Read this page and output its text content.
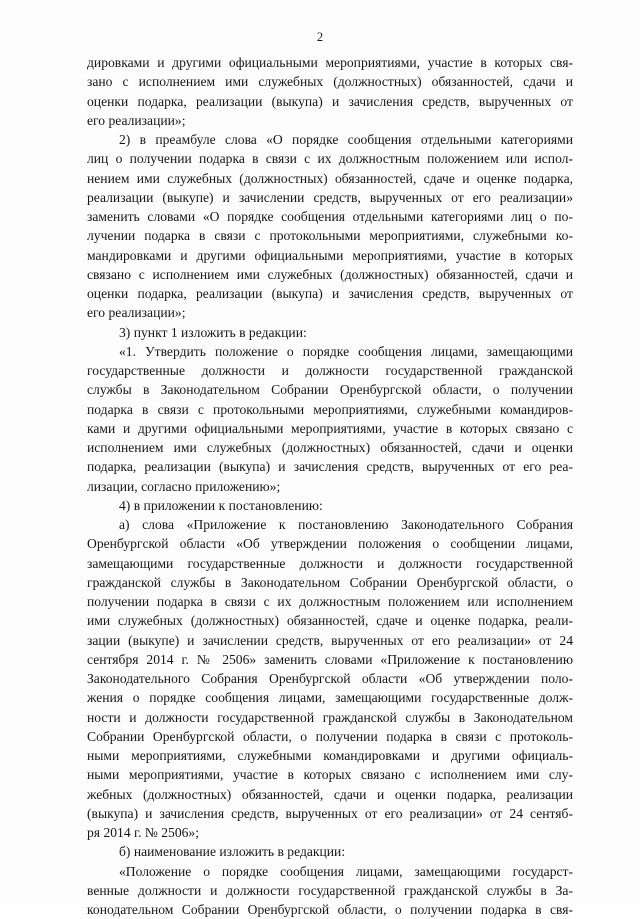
2
дировками и другими официальными мероприятиями, участие в которых свя-
зано с исполнением ими служебных (должностных) обязанностей, сдачи и
оценки подарка, реализации (выкупа) и зачисления средств, вырученных от
его реализации»;
2) в преамбуле слова «О порядке сообщения отдельными категориями
лиц о получении подарка в связи с их должностным положением или испол-
нением ими служебных (должностных) обязанностей, сдаче и оценке подарка,
реализации (выкупе) и зачислении средств, вырученных от его реализации»
заменить словами «О порядке сообщения отдельными категориями лиц о по-
лучении подарка в связи с протокольными мероприятиями, служебными ко-
мандировками и другими официальными мероприятиями, участие в которых
связано с исполнением ими служебных (должностных) обязанностей, сдачи и
оценки подарка, реализации (выкупа) и зачисления средств, вырученных от
его реализации»;
3) пункт 1 изложить в редакции:
«1. Утвердить положение о порядке сообщения лицами, замещающими
государственные должности и должности государственной гражданской
службы в Законодательном Собрании Оренбургской области, о получении
подарка в связи с протокольными мероприятиями, служебными командиров-
ками и другими официальными мероприятиями, участие в которых связано с
исполнением ими служебных (должностных) обязанностей, сдачи и оценки
подарка, реализации (выкупа) и зачисления средств, вырученных от его реа-
лизации, согласно приложению»;
4) в приложении к постановлению:
а) слова «Приложение к постановлению Законодательного Собрания
Оренбургской области «Об утверждении положения о сообщении лицами,
замещающими государственные должности и должности государственной
гражданской службы в Законодательном Собрании Оренбургской области, о
получении подарка в связи с их должностным положением или исполнением
ими служебных (должностных) обязанностей, сдаче и оценке подарка, реали-
зации (выкупе) и зачислении средств, вырученных от его реализации» от 24
сентября 2014 г. № 2506» заменить словами «Приложение к постановлению
Законодательного Собрания Оренбургской области «Об утверждении поло-
жения о порядке сообщения лицами, замещающими государственные долж-
ности и должности государственной гражданской службы в Законодательном
Собрании Оренбургской области, о получении подарка в связи с протоколь-
ными мероприятиями, служебными командировками и другими официаль-
ными мероприятиями, участие в которых связано с исполнением ими слу-
жебных (должностных) обязанностей, сдачи и оценки подарка, реализации
(выкупа) и зачисления средств, вырученных от его реализации» от 24 сентяб-
ря 2014 г. № 2506»;
б) наименование изложить в редакции:
«Положение о порядке сообщения лицами, замещающими государст-
венные должности и должности государственной гражданской службы в За-
конодательном Собрании Оренбургской области, о получении подарка в свя-
